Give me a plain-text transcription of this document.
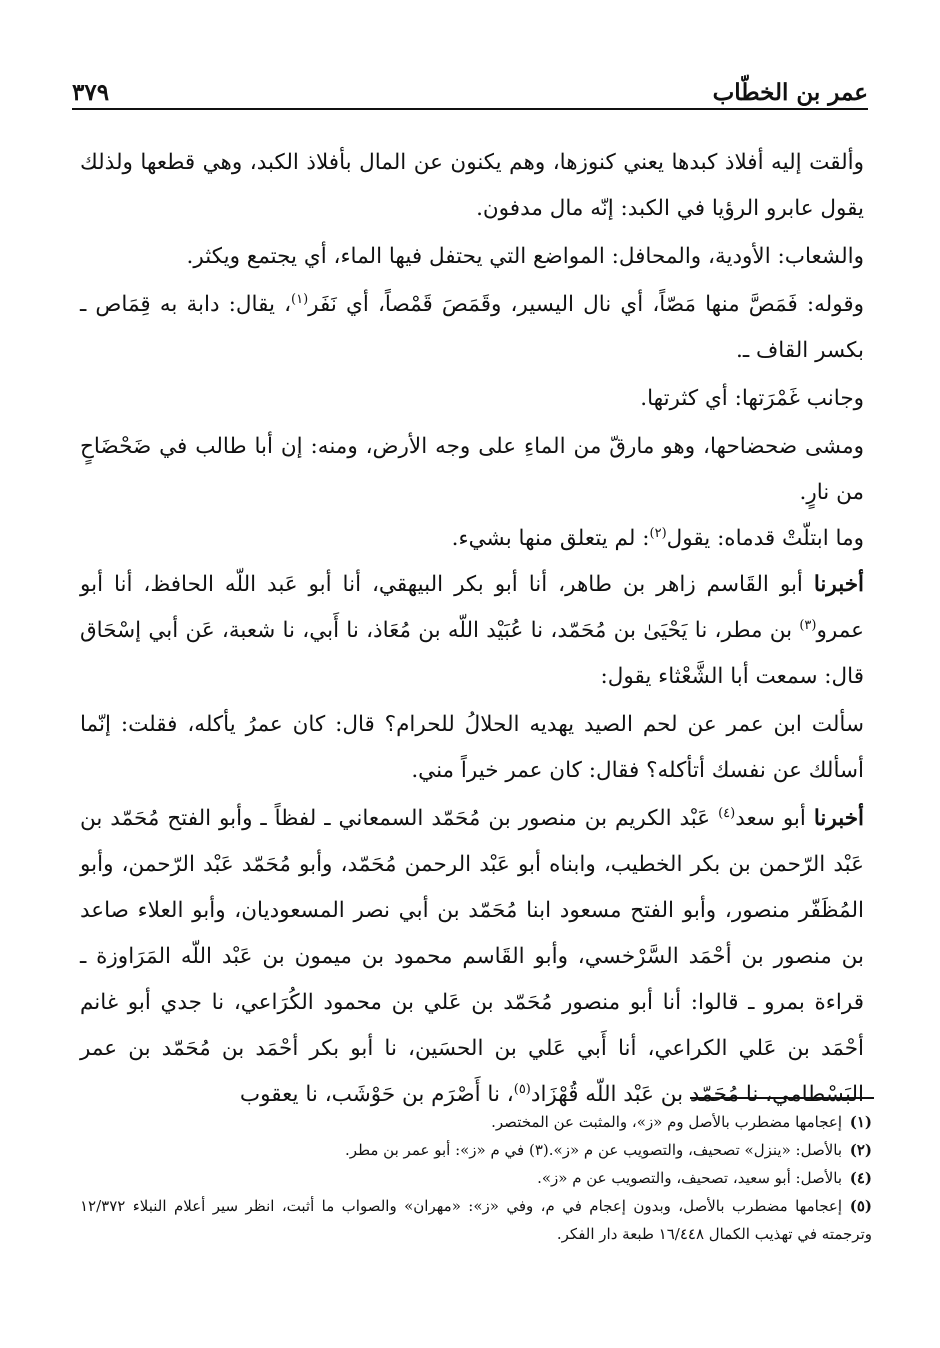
عمر بن الخطّاب
٣٧٩

وألقت إليه أفلاذ كبدها يعني كنوزها، وهم يكنون عن المال بأفلاذ الكبد، وهي قطعها ولذلك يقول عابرو الرؤيا في الكبد: إنّه مال مدفون.

والشعاب: الأودية، والمحافل: المواضع التي يحتفل فيها الماء، أي يجتمع ويكثر.

وقوله: فَمَصَّ منها مَصّاً، أي نال اليسير، وقَمَصَ قَمْصاً، أي نَفَر$^{(١)}$، يقال: دابة به قِمَاص ـ بكسر القاف ـ.

وجانب غَمْرَتها: أي كثرتها.

ومشى ضحضاحها، وهو مارقّ من الماءِ على وجه الأرض، ومنه: إن أبا طالب في ضَحْضَاحٍ من نارٍ.

وما ابتلّتْ قدماه: يقول$^{(٢)}$: لم يتعلق منها بشيء.

أخبرنا أبو القَاسم زاهر بن طاهر، أنا أبو بكر البيهقي، أنا أبو عَبد اللّه الحافظ، أنا أبو عمرو$^{(٣)}$ بن مطر، نا يَحْيَىٰ بن مُحَمّد، نا عُبَيْد اللّه بن مُعَاذ، نا أَبي، نا شعبة، عَن أبي إسْحَاق قال: سمعت أبا الشَّعْثاء يقول:

سألت ابن عمر عن لحم الصيد يهديه الحلالُ للحرام؟ قال: كان عمرُ يأكله، فقلت: إنّما أسألك عن نفسك أتأكله؟ فقال: كان عمر خيراً مني.

أخبرنا أبو سعد$^{(٤)}$ عَبْد الكريم بن منصور بن مُحَمّد السمعاني ـ لفظاً ـ وأبو الفتح مُحَمّد بن عَبْد الرّحمن بن بكر الخطيب، وابناه أبو عَبْد الرحمن مُحَمّد، وأبو مُحَمّد عَبْد الرّحمن، وأبو المُظَفّر منصور، وأبو الفتح مسعود ابنا مُحَمّد بن أبي نصر المسعوديان، وأبو العلاء صاعد بن منصور بن أحْمَد السَّرْخسي، وأبو القَاسم محمود بن ميمون بن عَبْد اللّه المَرَاوزة ـ قراءة بمرو ـ قالوا: أنا أبو منصور مُحَمّد بن عَلي بن محمود الكُرَاعي، نا جدي أبو غانم أحْمَد بن عَلي الكراعي، أنا أَبي عَلي بن الحسَين، نا أبو بكر أحْمَد بن مُحَمّد بن عمر البَسْطامي، نا مُحَمّد بن عَبْد اللّه قُهْزَاد$^{(٥)}$، نا أَصْرَم بن حَوْشَب، نا يعقوب

(١)إعجامها مضطرب بالأصل وم «ز»، والمثبت عن المختصر.

(٢)بالأصل: «ينزل» تصحيف، والتصويب عن م «ز».(٣) في م «ز»: أبو عمر بن مطر.

(٤)بالأصل: أبو سعيد، تصحيف، والتصويب عن م «ز».

(٥)إعجامها مضطرب بالأصل، وبدون إعجام في م، وفي «ز»: «مهران» والصواب ما أثبت، انظر سير أعلام النبلاء ١٢/٣٧٢ وترجمته في تهذيب الكمال ١٦/٤٤٨ طبعة دار الفكر.
